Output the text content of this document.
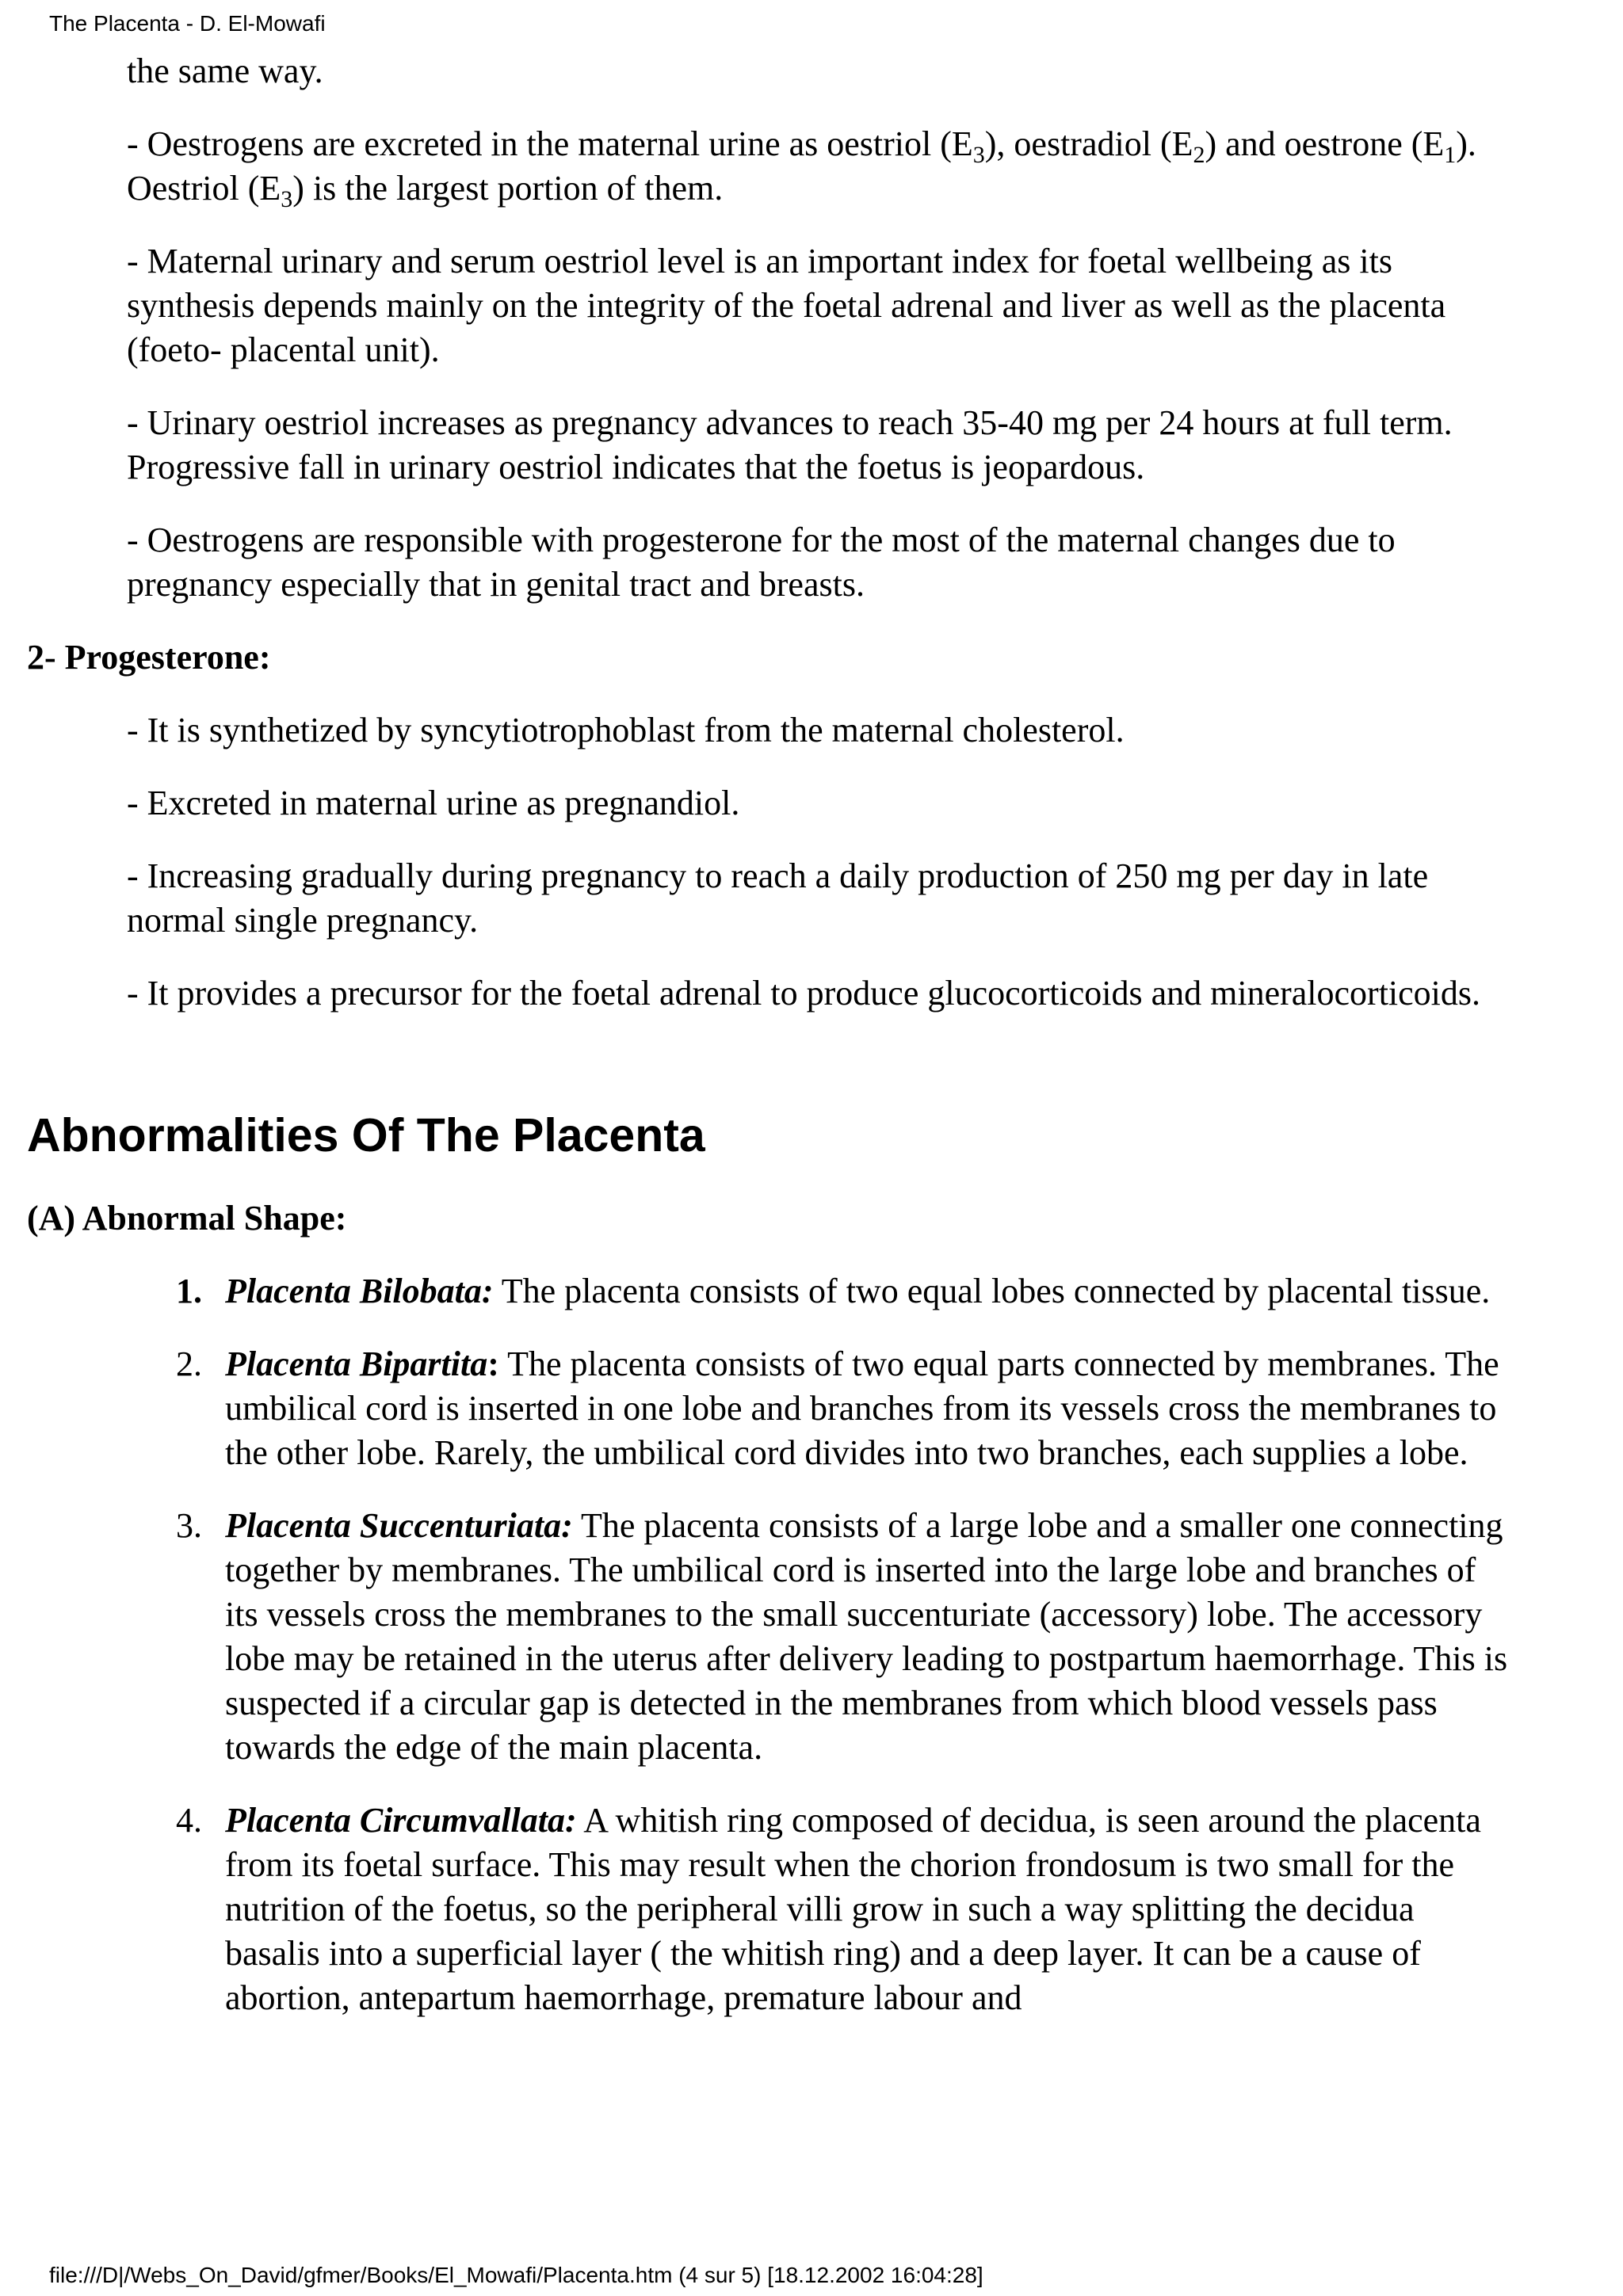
The Placenta - D. El-Mowafi

the same way.

- Oestrogens are excreted in the maternal urine as oestriol $(E_3)$, oestradiol $(E_2)$ and oestrone $(E_1)$. Oestriol $(E_3)$ is the largest portion of them.

- Maternal urinary and serum oestriol level is an important index for foetal wellbeing as its synthesis depends mainly on the integrity of the foetal adrenal and liver as well as the placenta (foeto- placental unit).

- Urinary oestriol increases as pregnancy advances to reach 35-40 mg per 24 hours at full term. Progressive fall in urinary oestriol indicates that the foetus is jeopardous.

- Oestrogens are responsible with progesterone for the most of the maternal changes due to pregnancy especially that in genital tract and breasts.

2- Progesterone:

- It is synthetized by syncytiotrophoblast from the maternal cholesterol.

- Excreted in maternal urine as pregnandiol.

- Increasing gradually during pregnancy to reach a daily production of 250 mg per day in late normal single pregnancy.

- It provides a precursor for the foetal adrenal to produce glucocorticoids and mineralocorticoids.

Abnormalities Of The Placenta

(A) Abnormal Shape:

1. Placenta Bilobata: The placenta consists of two equal lobes connected by placental tissue.
2. Placenta Bipartita: The placenta consists of two equal parts connected by membranes. The umbilical cord is inserted in one lobe and branches from its vessels cross the membranes to the other lobe. Rarely, the umbilical cord divides into two branches, each supplies a lobe.
3. Placenta Succenturiata: The placenta consists of a large lobe and a smaller one connecting together by membranes. The umbilical cord is inserted into the large lobe and branches of its vessels cross the membranes to the small succenturiate (accessory) lobe. The accessory lobe may be retained in the uterus after delivery leading to postpartum haemorrhage. This is suspected if a circular gap is detected in the membranes from which blood vessels pass towards the edge of the main placenta.
4. Placenta Circumvallata: A whitish ring composed of decidua, is seen around the placenta from its foetal surface. This may result when the chorion frondosum is two small for the nutrition of the foetus, so the peripheral villi grow in such a way splitting the decidua basalis into a superficial layer ( the whitish ring) and a deep layer. It can be a cause of abortion, antepartum haemorrhage, premature labour and
file:///D|/Webs_On_David/gfmer/Books/El_Mowafi/Placenta.htm (4 sur 5) [18.12.2002 16:04:28]
